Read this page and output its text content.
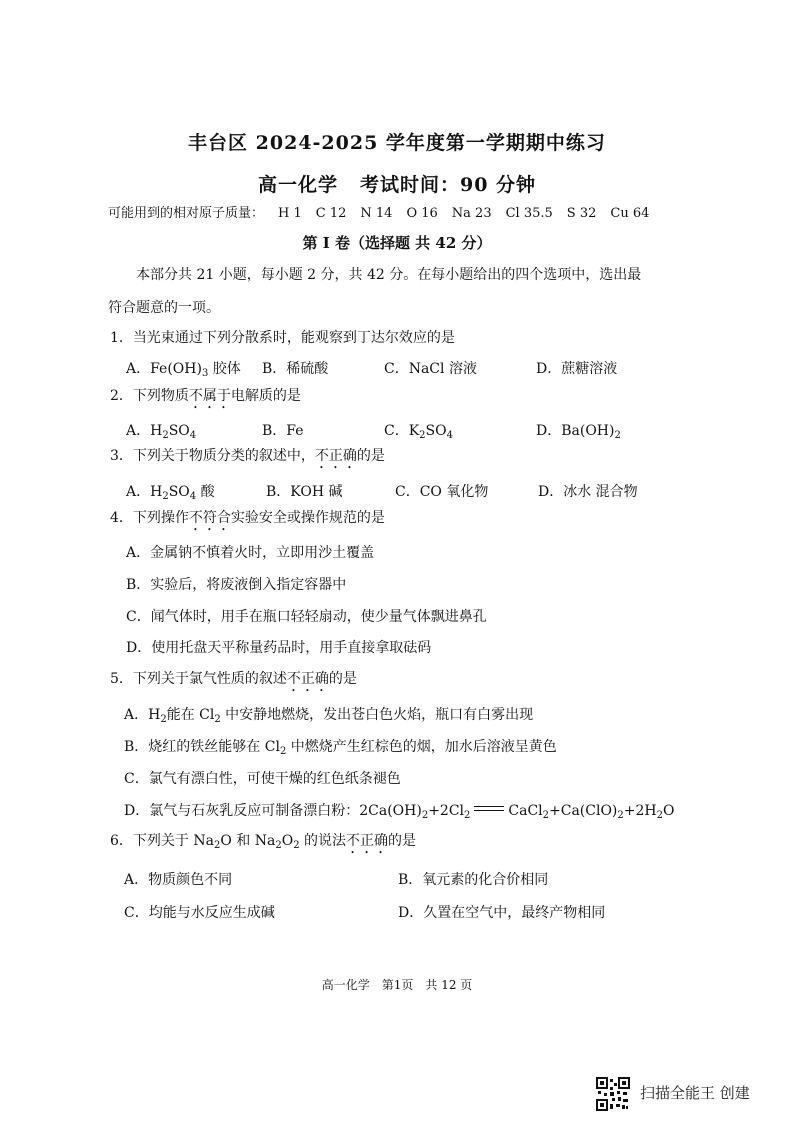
丰台区 2024-2025 学年度第一学期期中练习
高一化学 考试时间：90 分钟
可能用到的相对原子质量： H 1 C 12 N 14 O 16 Na 23 Cl 35.5 S 32 Cu 64
第 I 卷（选择题 共 42 分）
本部分共 21 小题，每小题 2 分，共 42 分。在每小题给出的四个选项中，选出最
符合题意的一项。
1．当光束通过下列分散系时，能观察到丁达尔效应的是
A．$Fe(OH)_3$ 胶体 B．稀硫酸	C．NaCl 溶液	D．蔗糖溶液
2．下列物质不属于电解质的是
A．$H_2SO_4$	B．Fe	C．$K_2SO_4$	D．$Ba(OH)_2$
3．下列关于物质分类的叙述中，不正确的是
A．$H_2SO_4$ 酸	B．KOH 碱	C．CO 氧化物	D．冰水 混合物
4．下列操作不符合实验安全或操作规范的是
A．金属钠不慎着火时，立即用沙土覆盖
B．实验后，将废液倒入指定容器中
C．闻气体时，用手在瓶口轻轻扇动，使少量气体飘进鼻孔
D．使用托盘天平称量药品时，用手直接拿取砝码
5．下列关于氯气性质的叙述不正确的是
A．$H_2$能在 $Cl_2$ 中安静地燃烧，发出苍白色火焰，瓶口有白雾出现
B．烧红的铁丝能够在 $Cl_2$ 中燃烧产生红棕色的烟，加水后溶液呈黄色
C．氯气有漂白性，可使干燥的红色纸条褪色
D．氯气与石灰乳反应可制备漂白粉：$2Ca(OH)_2+2Cl_2$	$CaCl_2+Ca(ClO)_2+2H_2O$
6．下列关于 $Na_2O$ 和 $Na_2O_2$ 的说法不正确的是
A．物质颜色不同	B．氧元素的化合价相同
C．均能与水反应生成碱	D．久置在空气中，最终产物相同
高一化学 第1页 共 12 页
扫描全能王 创建
